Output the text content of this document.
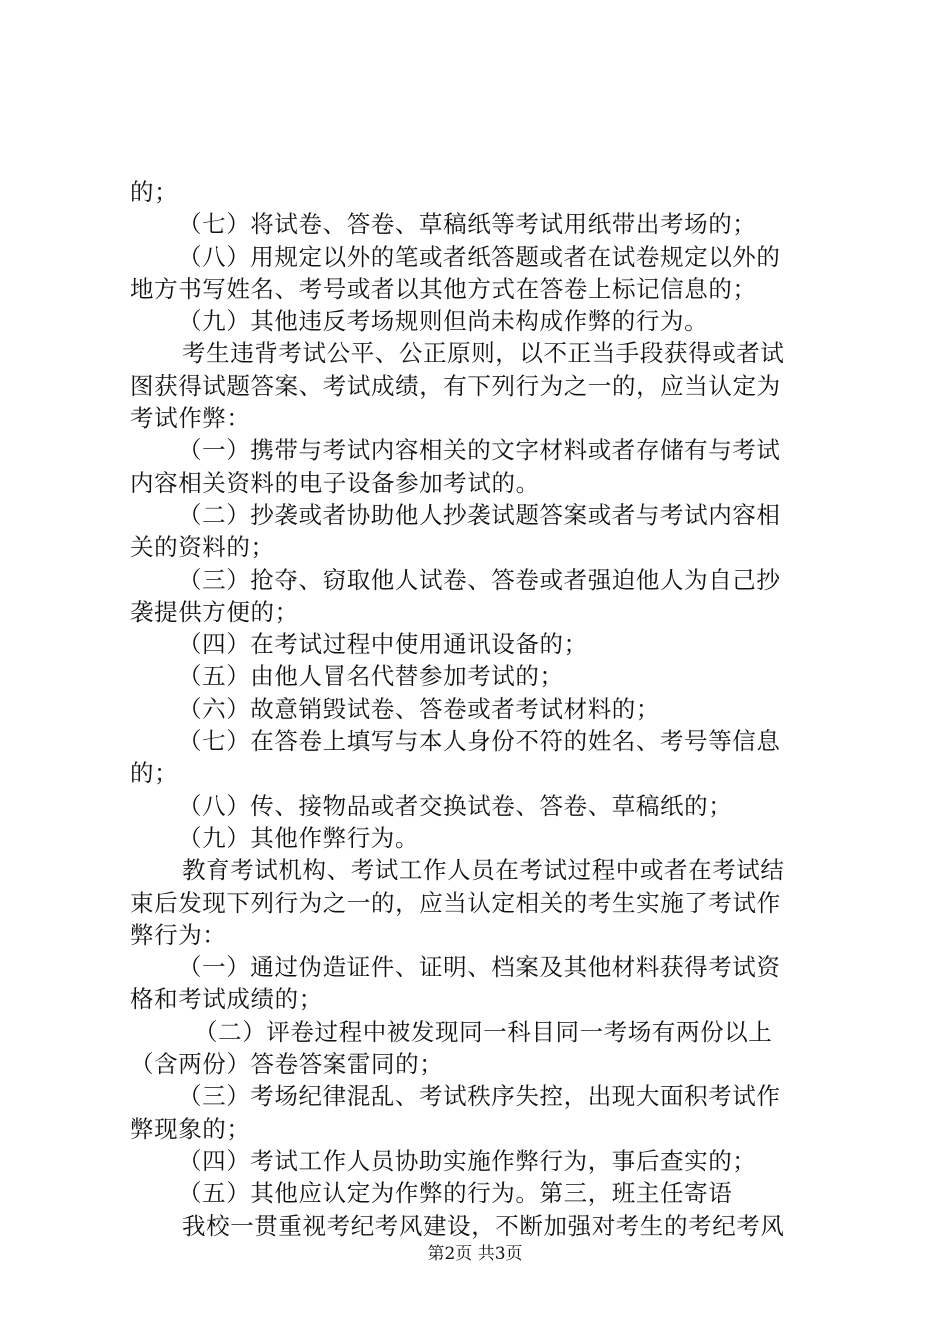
的；
（七）将试卷、答卷、草稿纸等考试用纸带出考场的；
（八）用规定以外的笔或者纸答题或者在试卷规定以外的
地方书写姓名、考号或者以其他方式在答卷上标记信息的；
（九）其他违反考场规则但尚未构成作弊的行为。
考生违背考试公平、公正原则，以不正当手段获得或者试
图获得试题答案、考试成绩，有下列行为之一的，应当认定为
考试作弊：
（一）携带与考试内容相关的文字材料或者存储有与考试
内容相关资料的电子设备参加考试的。
（二）抄袭或者协助他人抄袭试题答案或者与考试内容相
关的资料的；
（三）抢夺、窃取他人试卷、答卷或者强迫他人为自己抄
袭提供方便的；
（四）在考试过程中使用通讯设备的；
（五）由他人冒名代替参加考试的；
（六）故意销毁试卷、答卷或者考试材料的；
（七）在答卷上填写与本人身份不符的姓名、考号等信息
的；
（八）传、接物品或者交换试卷、答卷、草稿纸的；
（九）其他作弊行为。
教育考试机构、考试工作人员在考试过程中或者在考试结
束后发现下列行为之一的，应当认定相关的考生实施了考试作
弊行为：
（一）通过伪造证件、证明、档案及其他材料获得考试资
格和考试成绩的；
（二）评卷过程中被发现同一科目同一考场有两份以上
（含两份）答卷答案雷同的；
（三）考场纪律混乱、考试秩序失控，出现大面积考试作
弊现象的；
（四）考试工作人员协助实施作弊行为，事后查实的；
（五）其他应认定为作弊的行为。第三，班主任寄语
我校一贯重视考纪考风建设，不断加强对考生的考纪考风
第2页 共3页
